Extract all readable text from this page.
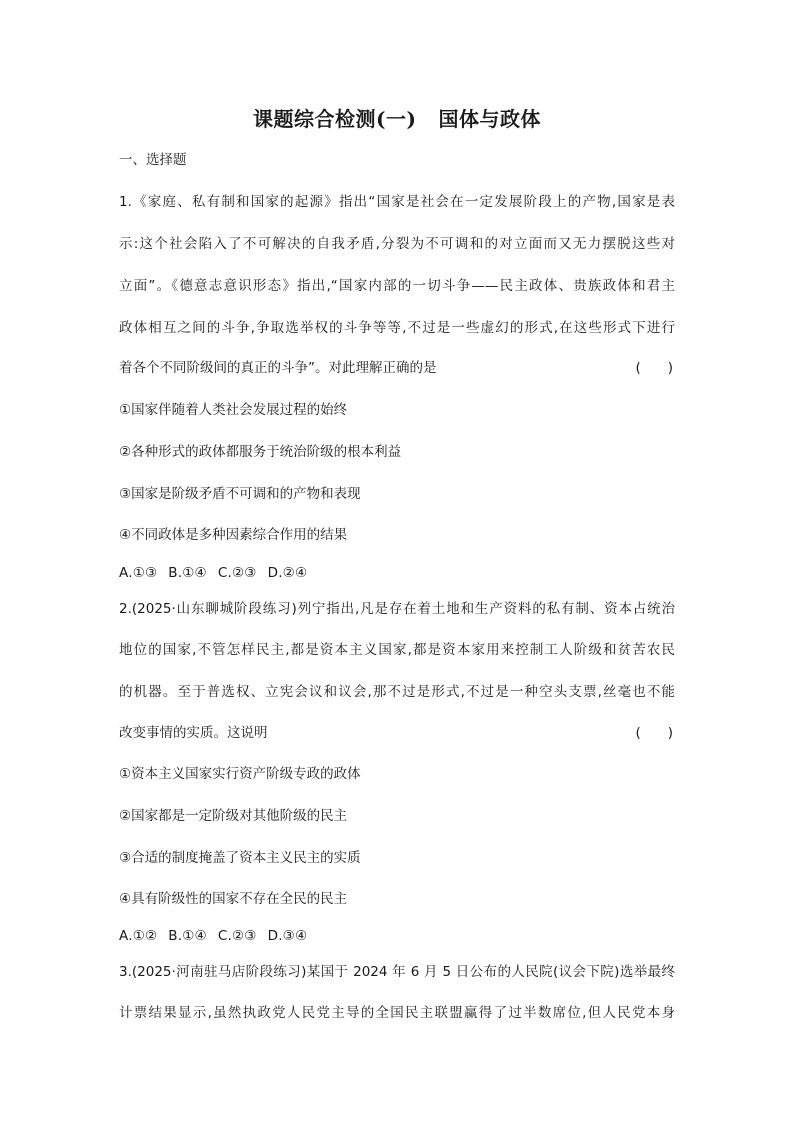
课题综合检测(一) 国体与政体
一、选择题
1.《家庭、私有制和国家的起源》指出“国家是社会在一定发展阶段上的产物,国家是表
示:这个社会陷入了不可解决的自我矛盾,分裂为不可调和的对立面而又无力摆脱这些对
立面”。《德意志意识形态》指出,“国家内部的一切斗争——民主政体、贵族政体和君主
政体相互之间的斗争,争取选举权的斗争等等,不过是一些虚幻的形式,在这些形式下进行
着各个不同阶级间的真正的斗争”。对此理解正确的是	(　　)
①国家伴随着人类社会发展过程的始终
②各种形式的政体都服务于统治阶级的根本利益
③国家是阶级矛盾不可调和的产物和表现
④不同政体是多种因素综合作用的结果
A.①③ B.①④ C.②③ D.②④
2.(2025·山东聊城阶段练习)列宁指出,凡是存在着土地和生产资料的私有制、资本占统治
地位的国家,不管怎样民主,都是资本主义国家,都是资本家用来控制工人阶级和贫苦农民
的机器。至于普选权、立宪会议和议会,那不过是形式,不过是一种空头支票,丝毫也不能
改变事情的实质。这说明	(　　)
①资本主义国家实行资产阶级专政的政体
②国家都是一定阶级对其他阶级的民主
③合适的制度掩盖了资本主义民主的实质
④具有阶级性的国家不存在全民的民主
A.①② B.①④ C.②③ D.③④
3.(2025·河南驻马店阶段练习)某国于 2024 年 6 月 5 日公布的人民院(议会下院)选举最终
计票结果显示,虽然执政党人民党主导的全国民主联盟赢得了过半数席位,但人民党本身
